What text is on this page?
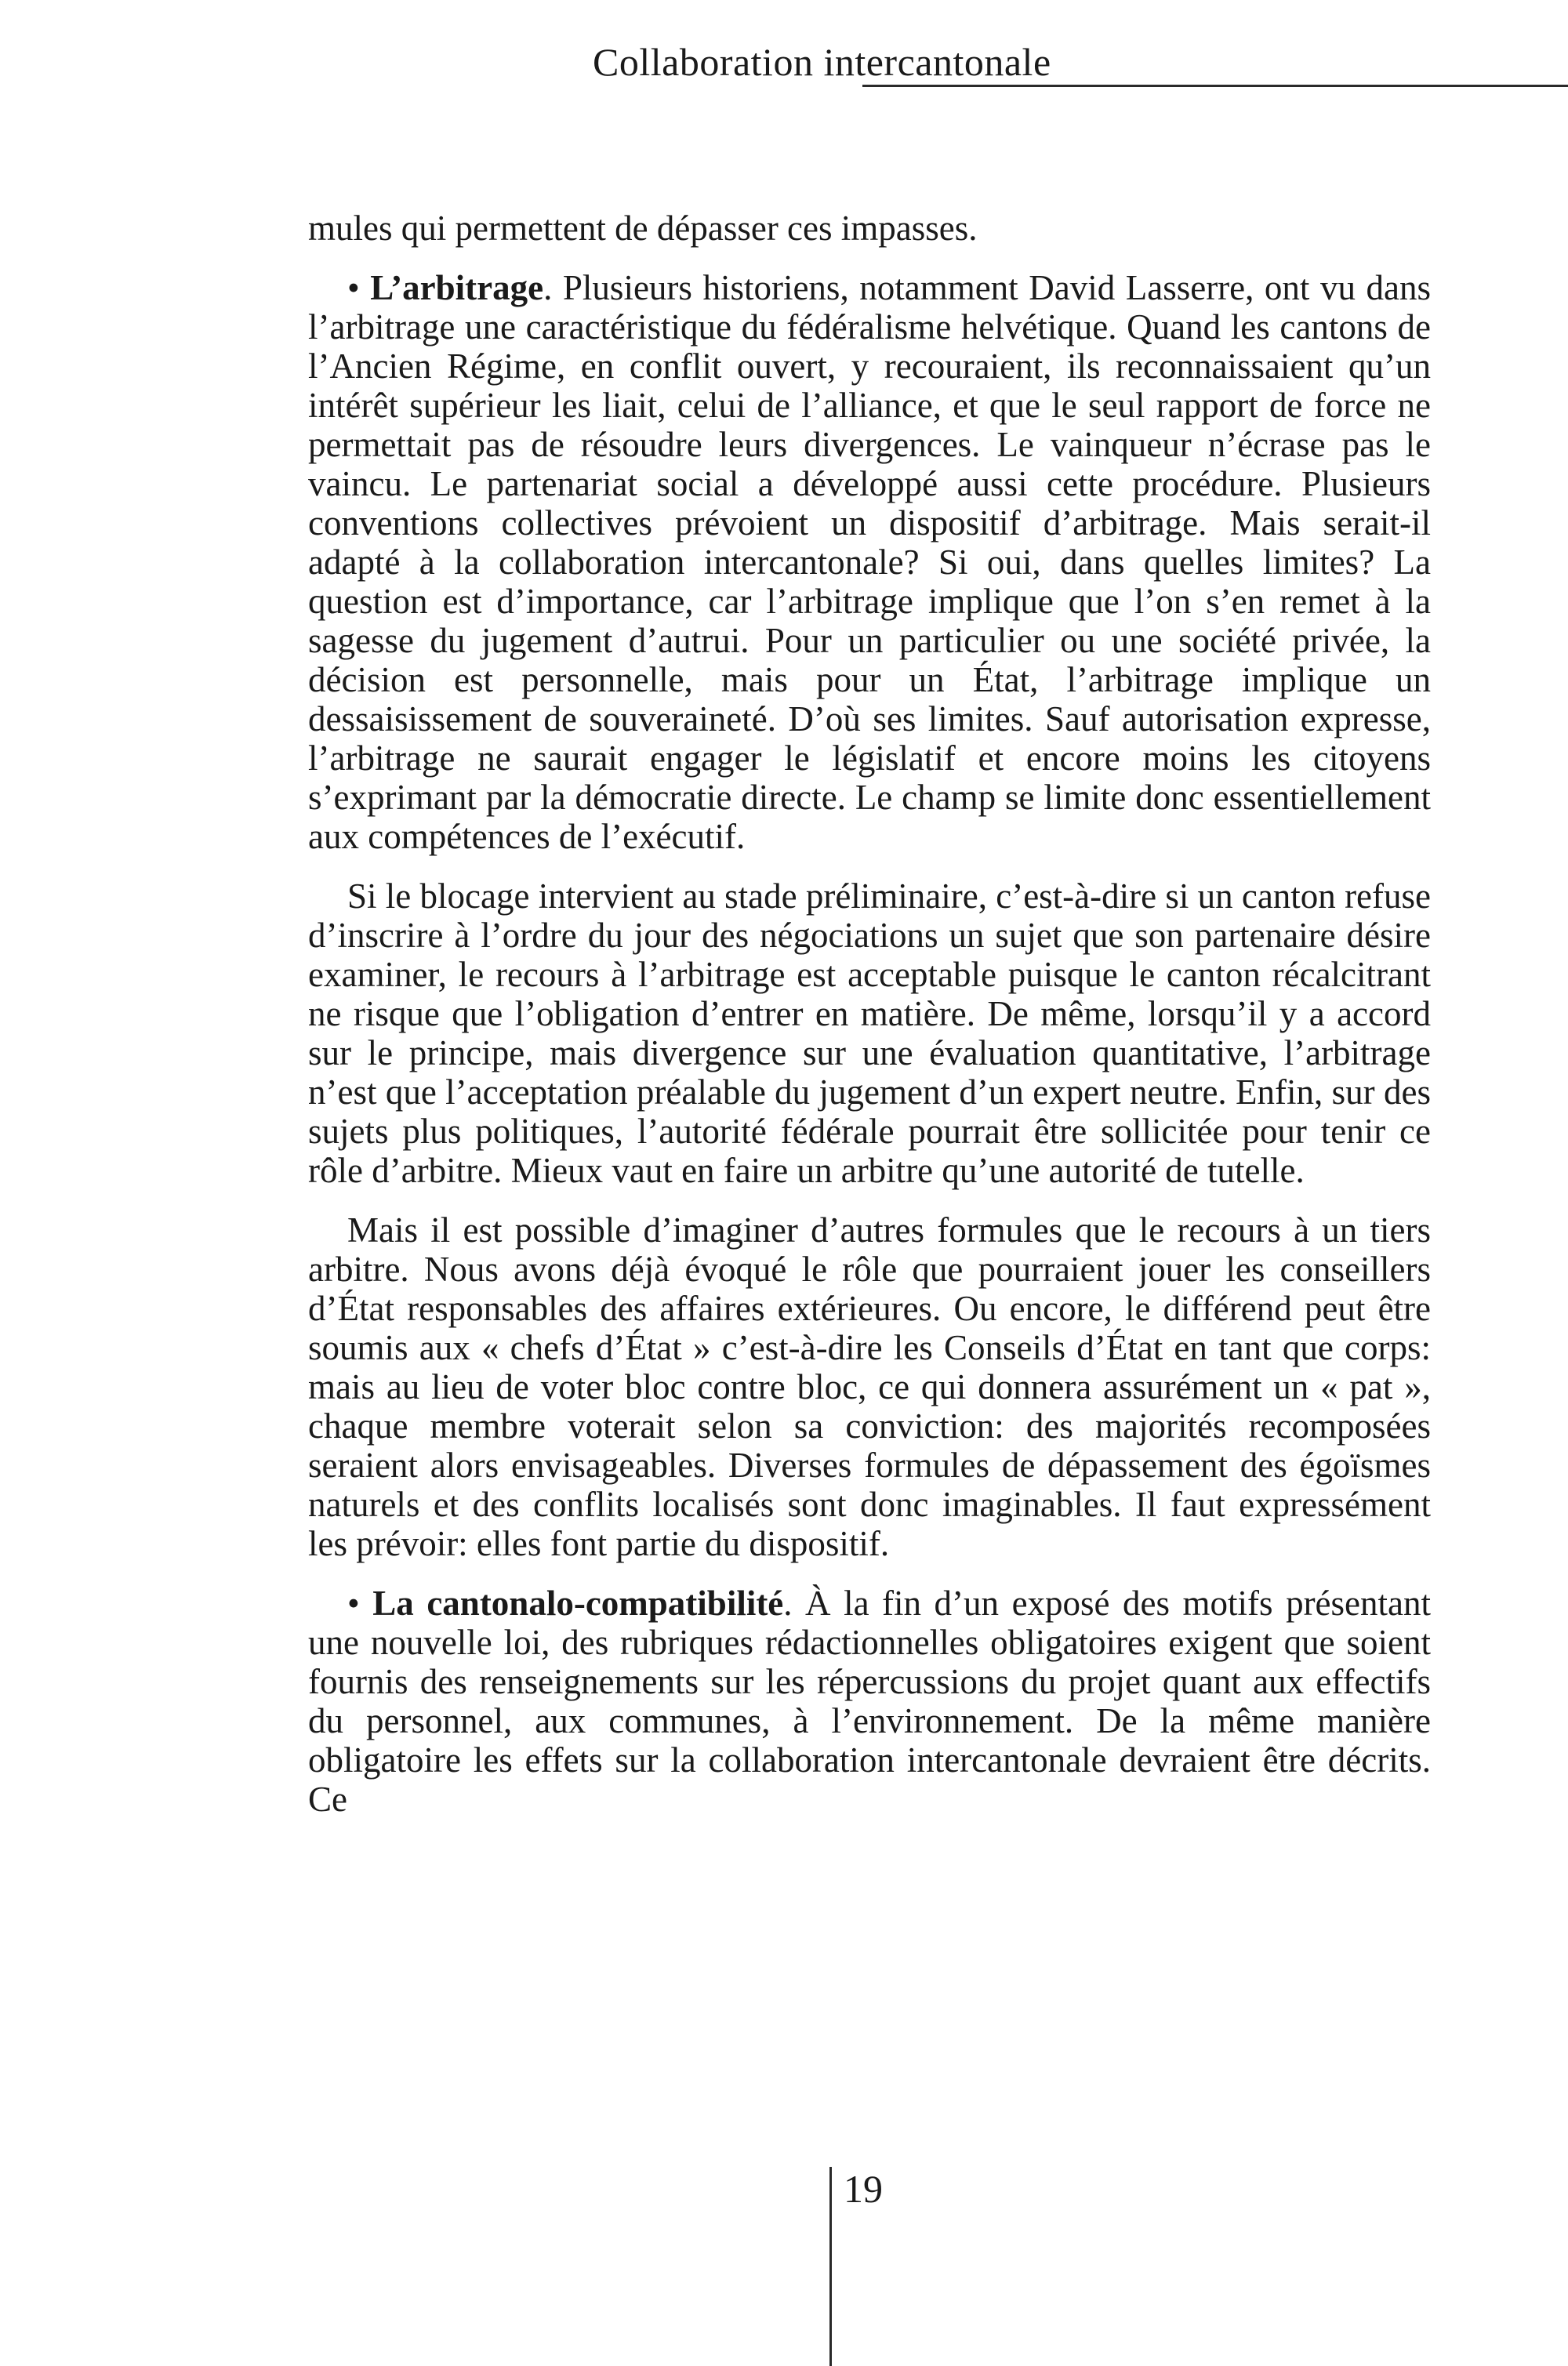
Collaboration intercantonale

mules qui permettent de dépasser ces impasses.

• L’arbitrage. Plusieurs historiens, notamment David Lasserre, ont vu dans l’arbitrage une caractéristique du fédéralisme helvétique. Quand les cantons de l’Ancien Régime, en conflit ouvert, y recouraient, ils reconnaissaient qu’un intérêt supérieur les liait, celui de l’alliance, et que le seul rapport de force ne permettait pas de résoudre leurs divergences. Le vainqueur n’écrase pas le vaincu. Le partenariat social a développé aussi cette procédure. Plusieurs conventions collectives prévoient un dispositif d’arbitrage. Mais serait-il adapté à la collaboration intercantonale? Si oui, dans quelles limites? La question est d’importance, car l’arbitrage implique que l’on s’en remet à la sagesse du jugement d’autrui. Pour un particulier ou une société privée, la décision est personnelle, mais pour un État, l’arbitrage implique un dessaisissement de souveraineté. D’où ses limites. Sauf autorisation expresse, l’arbitrage ne saurait engager le législatif et encore moins les citoyens s’exprimant par la démocratie directe. Le champ se limite donc essentiellement aux compétences de l’exécutif.

Si le blocage intervient au stade préliminaire, c’est-à-dire si un canton refuse d’inscrire à l’ordre du jour des négociations un sujet que son partenaire désire examiner, le recours à l’arbitrage est acceptable puisque le canton récalcitrant ne risque que l’obligation d’entrer en matière. De même, lorsqu’il y a accord sur le principe, mais divergence sur une évaluation quantitative, l’arbitrage n’est que l’acceptation préalable du jugement d’un expert neutre. Enfin, sur des sujets plus politiques, l’autorité fédérale pourrait être sollicitée pour tenir ce rôle d’arbitre. Mieux vaut en faire un arbitre qu’une autorité de tutelle.

Mais il est possible d’imaginer d’autres formules que le recours à un tiers arbitre. Nous avons déjà évoqué le rôle que pourraient jouer les conseillers d’État responsables des affaires extérieures. Ou encore, le différend peut être soumis aux « chefs d’État » c’est-à-dire les Conseils d’État en tant que corps: mais au lieu de voter bloc contre bloc, ce qui donnera assurément un « pat », chaque membre voterait selon sa conviction: des majorités recomposées seraient alors envisageables. Diverses formules de dépassement des égoïsmes naturels et des conflits localisés sont donc imaginables. Il faut expressément les prévoir: elles font partie du dispositif.

• La cantonalo-compatibilité. À la fin d’un exposé des motifs présentant une nouvelle loi, des rubriques rédactionnelles obligatoires exigent que soient fournis des renseignements sur les répercussions du projet quant aux effectifs du personnel, aux communes, à l’environnement. De la même manière obligatoire les effets sur la collaboration intercantonale devraient être décrits. Ce

19
